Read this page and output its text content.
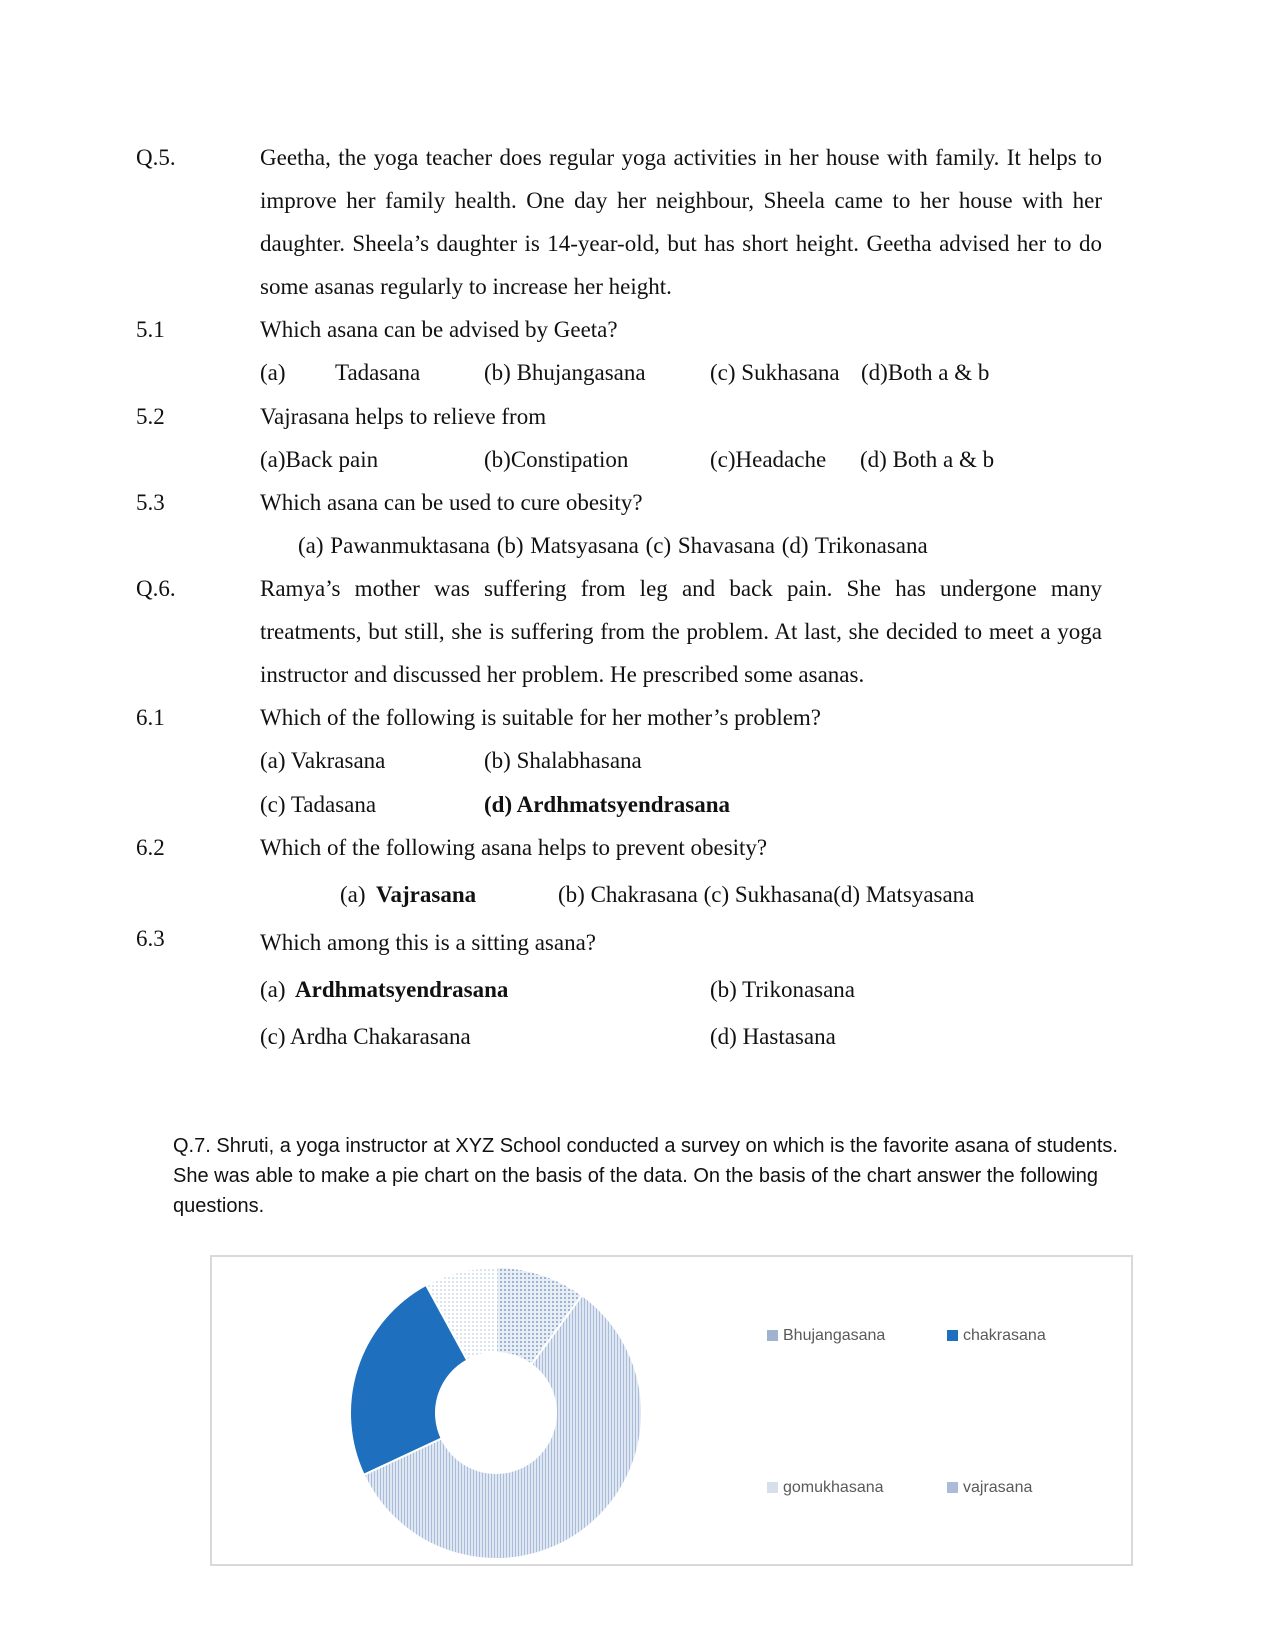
Q.5.	Geetha, the yoga teacher does regular yoga activities in her house with family. It helps to improve her family health. One day her neighbour, Sheela came to her house with her daughter. Sheela’s daughter is 14-year-old, but has short height. Geetha advised her to do some asanas regularly to increase her height.
5.1	Which asana can be advised by Geeta?
(a) Tadasana	(b) Bhujangasana	(c) Sukhasana (d)Both a & b
5.2	Vajrasana helps to relieve from
(a)Back pain	(b)Constipation	(c)Headache (d) Both a & b
5.3	Which asana can be used to cure obesity?
(a) Pawanmuktasana (b) Matsyasana (c) Shavasana (d) Trikonasana
Q.6.	Ramya’s mother was suffering from leg and back pain. She has undergone many treatments, but still, she is suffering from the problem. At last, she decided to meet a yoga instructor and discussed her problem. He prescribed some asanas.
6.1	Which of the following is suitable for her mother’s problem?
(a) Vakrasana	(b) Shalabhasana
(c) Tadasana	(d) Ardhmatsyendrasana
6.2	Which of the following asana helps to prevent obesity?
(a) Vajrasana	(b) Chakrasana (c) Sukhasana(d) Matsyasana
6.3	Which among this is a sitting asana?
(a) Ardhmatsyendrasana	(b) Trikonasana
(c) Ardha Chakarasana	(d) Hastasana
Q.7. Shruti, a yoga instructor at XYZ School conducted a survey on which is the favorite asana of students. She was able to make a pie chart on the basis of the data. On the basis of the chart answer the following questions.
Bhujangasana	chakrasana
gomukhasana	vajrasana
